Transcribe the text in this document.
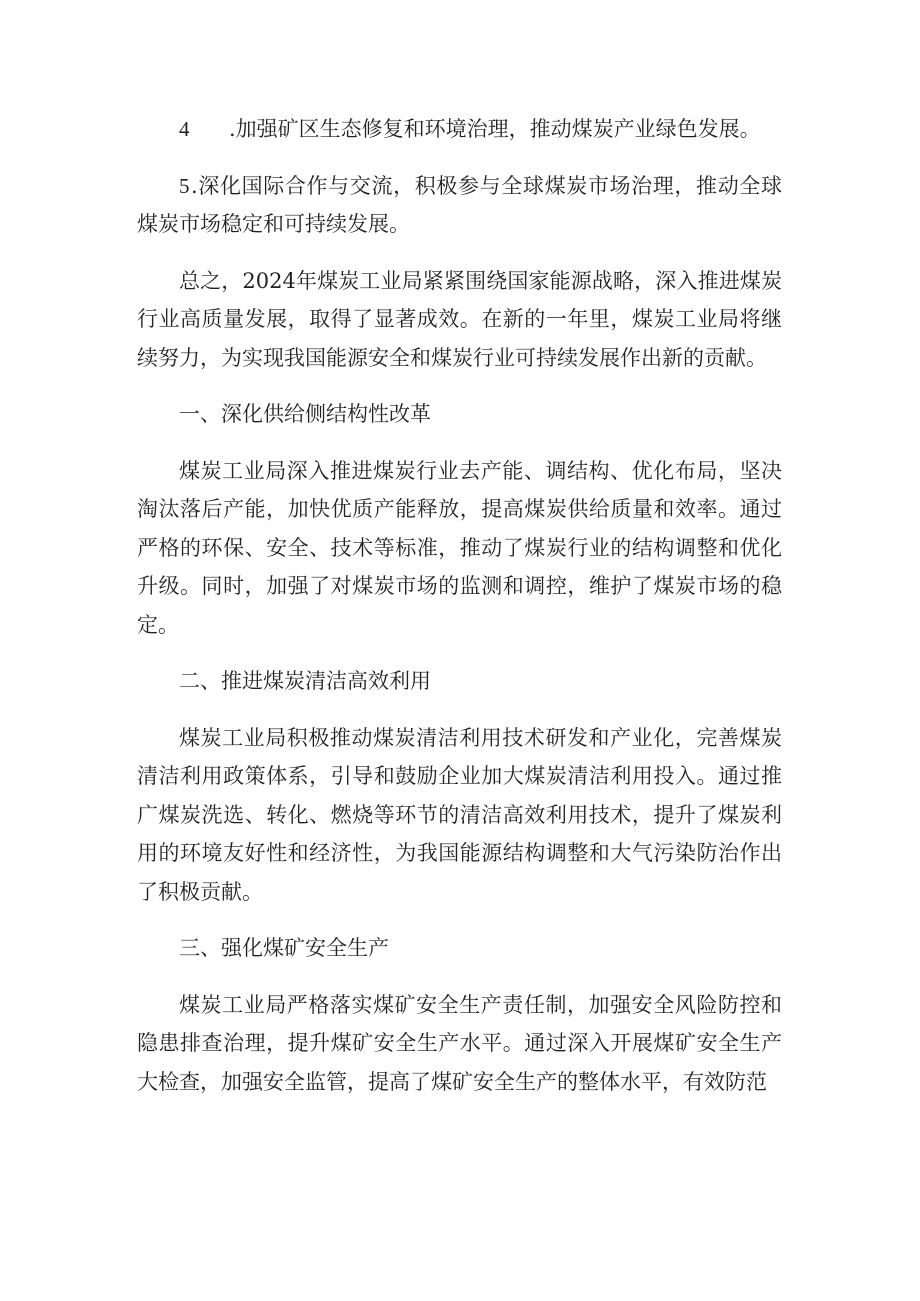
4 .加强矿区生态修复和环境治理，推动煤炭产业绿色发展。

5.深化国际合作与交流，积极参与全球煤炭市场治理，推动全球煤炭市场稳定和可持续发展。

总之，2024年煤炭工业局紧紧围绕国家能源战略，深入推进煤炭行业高质量发展，取得了显著成效。在新的一年里，煤炭工业局将继续努力，为实现我国能源安全和煤炭行业可持续发展作出新的贡献。

一、深化供给侧结构性改革

煤炭工业局深入推进煤炭行业去产能、调结构、优化布局，坚决淘汰落后产能，加快优质产能释放，提高煤炭供给质量和效率。通过严格的环保、安全、技术等标准，推动了煤炭行业的结构调整和优化升级。同时，加强了对煤炭市场的监测和调控，维护了煤炭市场的稳定。

二、推进煤炭清洁高效利用

煤炭工业局积极推动煤炭清洁利用技术研发和产业化，完善煤炭清洁利用政策体系，引导和鼓励企业加大煤炭清洁利用投入。通过推广煤炭洗选、转化、燃烧等环节的清洁高效利用技术，提升了煤炭利用的环境友好性和经济性，为我国能源结构调整和大气污染防治作出了积极贡献。

三、强化煤矿安全生产

煤炭工业局严格落实煤矿安全生产责任制，加强安全风险防控和隐患排查治理，提升煤矿安全生产水平。通过深入开展煤矿安全生产大检查，加强安全监管，提高了煤矿安全生产的整体水平，有效防范
